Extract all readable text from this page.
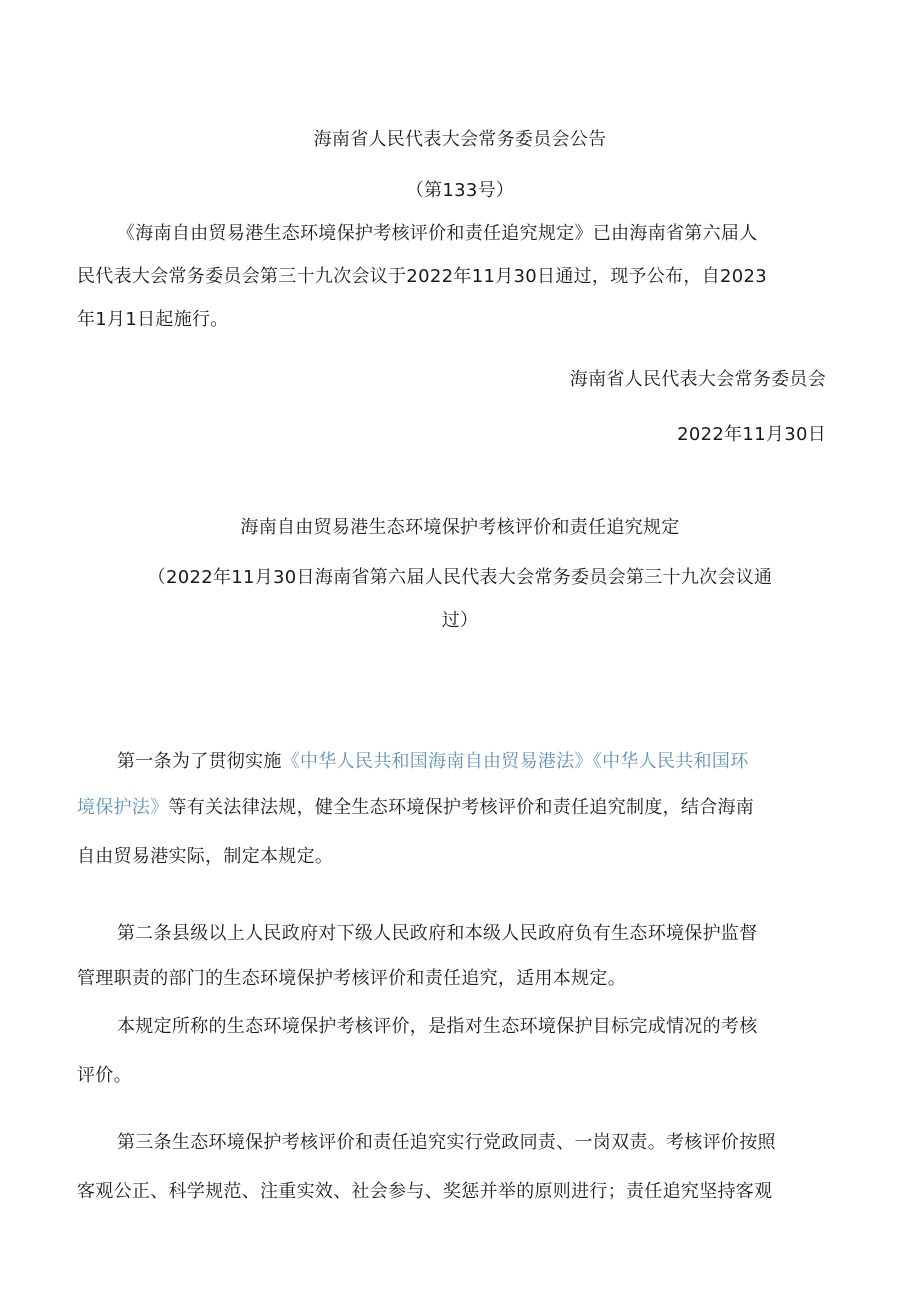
海南省人民代表大会常务委员会公告
（第133号）
《海南自由贸易港生态环境保护考核评价和责任追究规定》已由海南省第六届人
民代表大会常务委员会第三十九次会议于2022年11月30日通过，现予公布，自2023
年1月1日起施行。
海南省人民代表大会常务委员会
2022年11月30日
海南自由贸易港生态环境保护考核评价和责任追究规定
（2022年11月30日海南省第六届人民代表大会常务委员会第三十九次会议通
过）
第一条为了贯彻实施《中华人民共和国海南自由贸易港法》《中华人民共和国环
境保护法》等有关法律法规，健全生态环境保护考核评价和责任追究制度，结合海南
自由贸易港实际，制定本规定。
第二条县级以上人民政府对下级人民政府和本级人民政府负有生态环境保护监督
管理职责的部门的生态环境保护考核评价和责任追究，适用本规定。
本规定所称的生态环境保护考核评价，是指对生态环境保护目标完成情况的考核
评价。
第三条生态环境保护考核评价和责任追究实行党政同责、一岗双责。考核评价按照
客观公正、科学规范、注重实效、社会参与、奖惩并举的原则进行；责任追究坚持客观
